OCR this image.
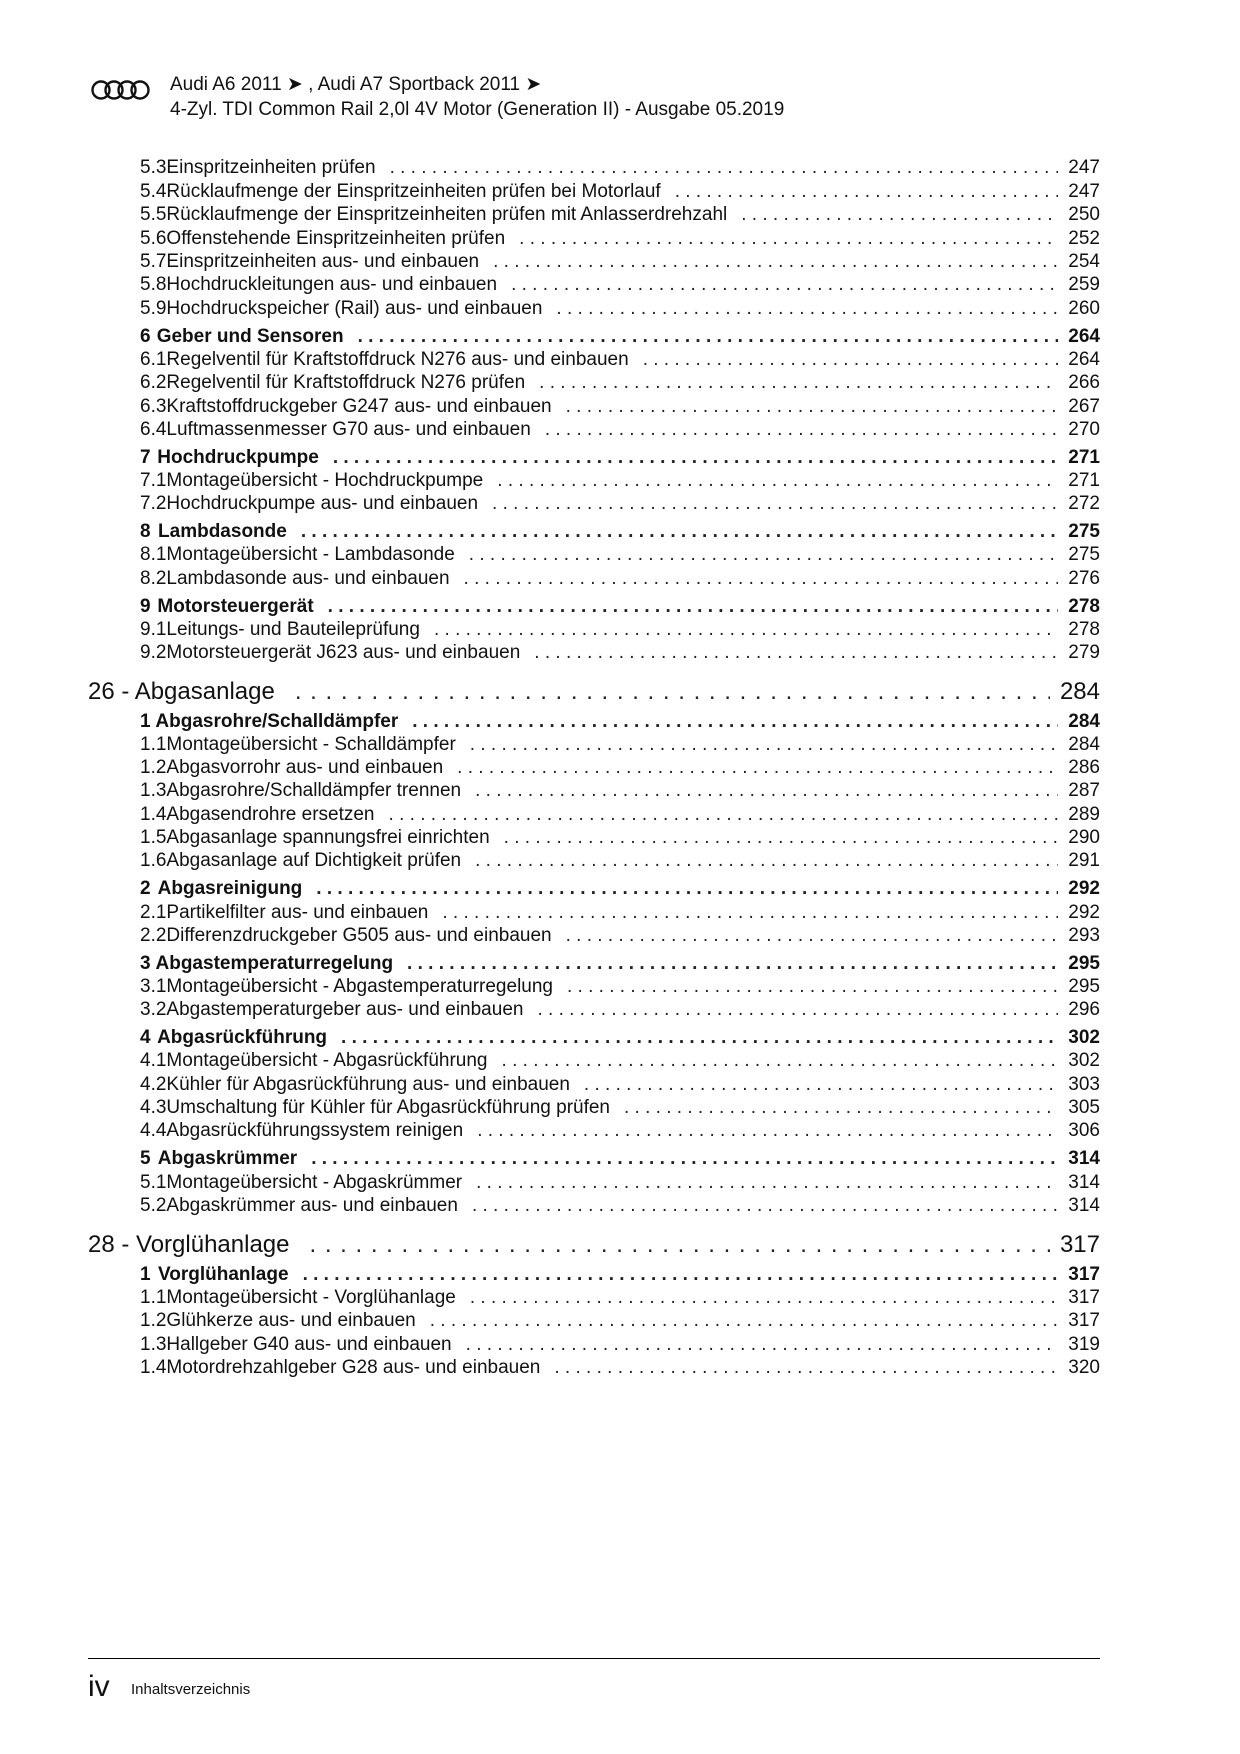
Audi A6 2011 ➤ , Audi A7 Sportback 2011 ➤
4-Zyl. TDI Common Rail 2,0l 4V Motor (Generation II) - Ausgabe 05.2019
5.3 Einspritzeinheiten prüfen . . .	247
5.4 Rücklaufmenge der Einspritzeinheiten prüfen bei Motorlauf . . .	247
5.5 Rücklaufmenge der Einspritzeinheiten prüfen mit Anlasserdrehzahl . . .	250
5.6 Offenstehende Einspritzeinheiten prüfen . . .	252
5.7 Einspritzeinheiten aus- und einbauen . . .	254
5.8 Hochdruckleitungen aus- und einbauen . . .	259
5.9 Hochdruckspeicher (Rail) aus- und einbauen . . .	260
6 Geber und Sensoren . . .	264
6.1 Regelventil für Kraftstoffdruck N276 aus- und einbauen . . .	264
6.2 Regelventil für Kraftstoffdruck N276 prüfen . . .	266
6.3 Kraftstoffdruckgeber G247 aus- und einbauen . . .	267
6.4 Luftmassenmesser G70 aus- und einbauen . . .	270
7 Hochdruckpumpe . . .	271
7.1 Montageübersicht - Hochdruckpumpe . . .	271
7.2 Hochdruckpumpe aus- und einbauen . . .	272
8 Lambdasonde . . .	275
8.1 Montageübersicht - Lambdasonde . . .	275
8.2 Lambdasonde aus- und einbauen . . .	276
9 Motorsteuergerät . . .	278
9.1 Leitungs- und Bauteileprüfung . . .	278
9.2 Motorsteuergerät J623 aus- und einbauen . . .	279
26 - Abgasanlage . . .	284
1 Abgasrohre/Schalldämpfer . . .	284
1.1 Montageübersicht - Schalldämpfer . . .	284
1.2 Abgasvorrohr aus- und einbauen . . .	286
1.3 Abgasrohre/Schalldämpfer trennen . . .	287
1.4 Abgasendrohre ersetzen . . .	289
1.5 Abgasanlage spannungsfrei einrichten . . .	290
1.6 Abgasanlage auf Dichtigkeit prüfen . . .	291
2 Abgasreinigung . . .	292
2.1 Partikelfilter aus- und einbauen . . .	292
2.2 Differenzdruckgeber G505 aus- und einbauen . . .	293
3 Abgastemperaturregelung . . .	295
3.1 Montageübersicht - Abgastemperaturregelung . . .	295
3.2 Abgastemperaturgeber aus- und einbauen . . .	296
4 Abgasrückführung . . .	302
4.1 Montageübersicht - Abgasrückführung . . .	302
4.2 Kühler für Abgasrückführung aus- und einbauen . . .	303
4.3 Umschaltung für Kühler für Abgasrückführung prüfen . . .	305
4.4 Abgasrückführungssystem reinigen . . .	306
5 Abgaskrümmer . . .	314
5.1 Montageübersicht - Abgaskrümmer . . .	314
5.2 Abgaskrümmer aus- und einbauen . . .	314
28 - Vorglühanlage . . .	317
1 Vorglühanlage . . .	317
1.1 Montageübersicht - Vorglühanlage . . .	317
1.2 Glühkerze aus- und einbauen . . .	317
1.3 Hallgeber G40 aus- und einbauen . . .	319
1.4 Motordrehzahlgeber G28 aus- und einbauen . . .	320
iv Inhaltsverzeichnis
